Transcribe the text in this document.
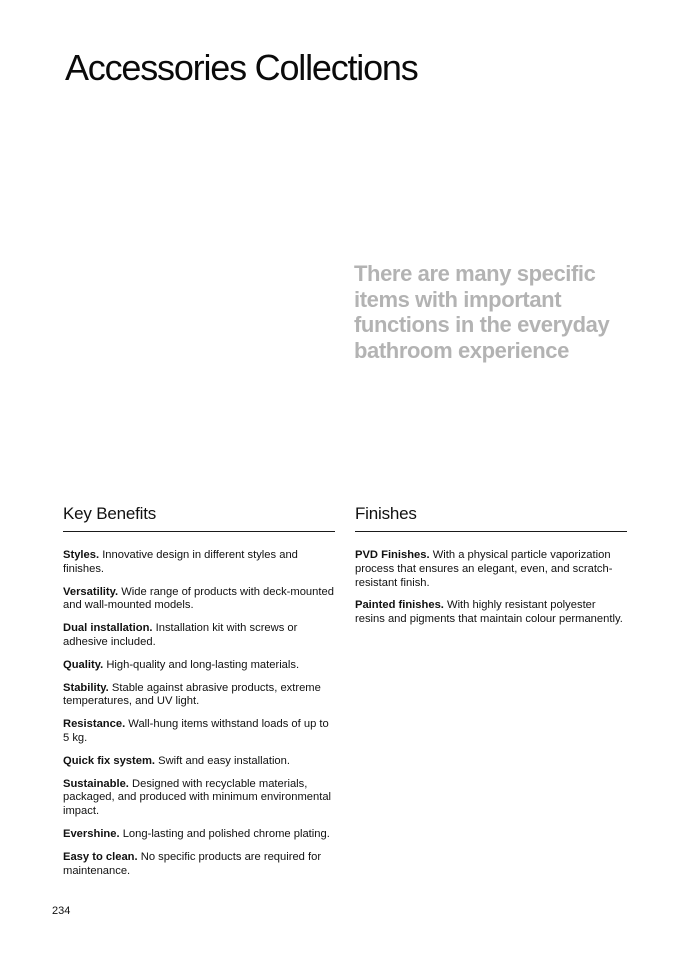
Accessories Collections

There are many specific items with important functions in the everyday bathroom experience

Key Benefits

Styles. Innovative design in different styles and finishes.

Versatility. Wide range of products with deck-mounted and wall-mounted models.

Dual installation. Installation kit with screws or adhesive included.

Quality. High-quality and long-lasting materials.

Stability. Stable against abrasive products, extreme temperatures, and UV light.

Resistance. Wall-hung items withstand loads of up to 5 kg.

Quick fix system. Swift and easy installation.

Sustainable. Designed with recyclable materials, packaged, and produced with minimum environmental impact.

Evershine. Long-lasting and polished chrome plating.

Easy to clean. No specific products are required for maintenance.

Finishes

PVD Finishes. With a physical particle vaporization process that ensures an elegant, even, and scratch-resistant finish.

Painted finishes. With highly resistant polyester resins and pigments that maintain colour permanently.

234
